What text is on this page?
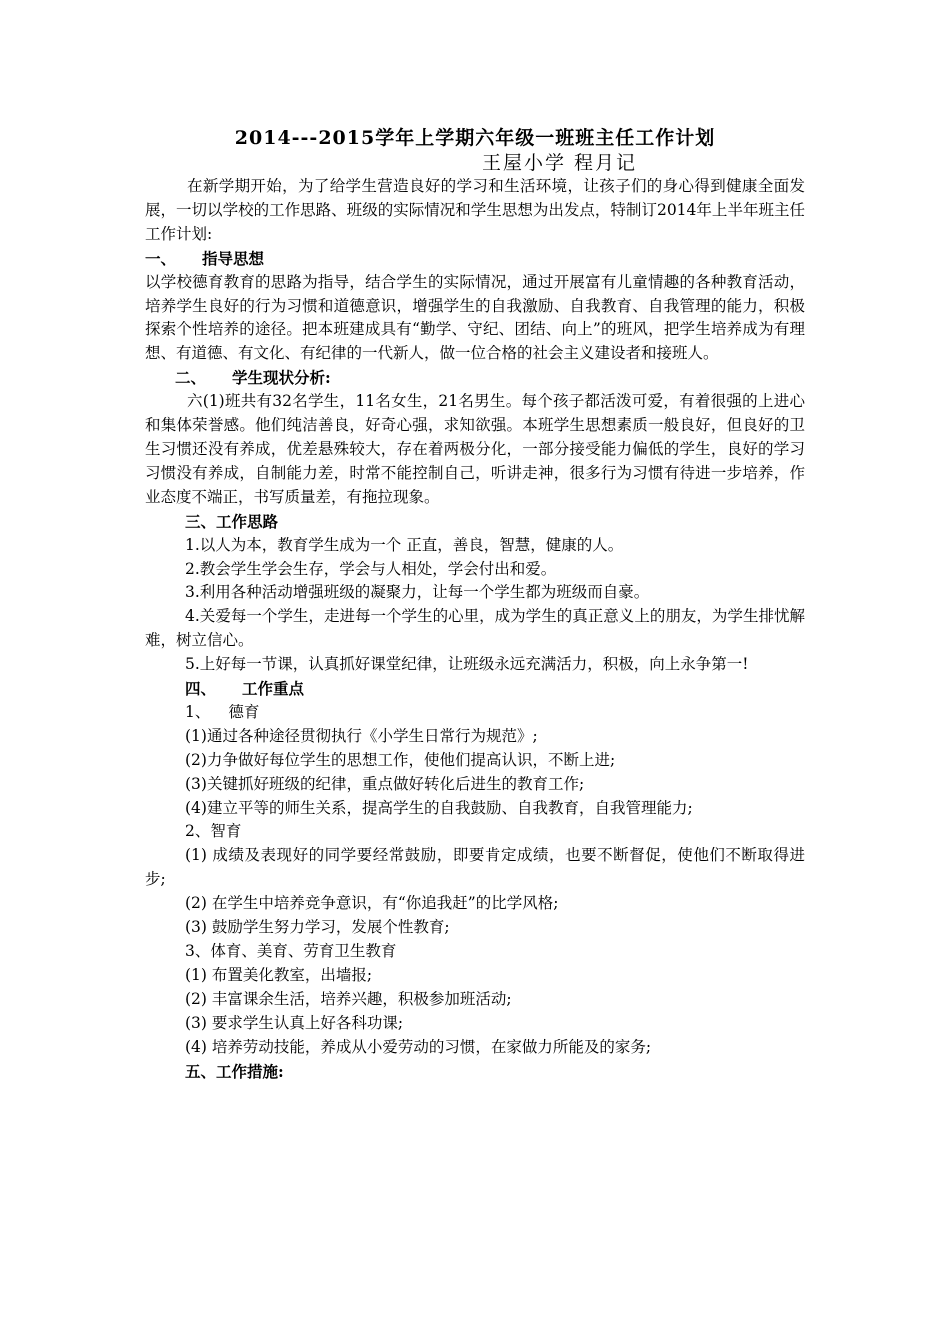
2014---2015学年上学期六年级一班班主任工作计划

王屋小学 程月记

在新学期开始，为了给学生营造良好的学习和生活环境，让孩子们的身心得到健康全面发展，一切以学校的工作思路、班级的实际情况和学生思想为出发点，特制订2014年上半年班主任工作计划:

一、 指导思想

以学校德育教育的思路为指导，结合学生的实际情况，通过开展富有儿童情趣的各种教育活动，培养学生良好的行为习惯和道德意识，增强学生的自我激励、自我教育、自我管理的能力，积极探索个性培养的途径。把本班建成具有“勤学、守纪、团结、向上”的班风，把学生培养成为有理想、有道德、有文化、有纪律的一代新人，做一位合格的社会主义建设者和接班人。

二、 学生现状分析:

六(1)班共有32名学生，11名女生，21名男生。每个孩子都活泼可爱，有着很强的上进心和集体荣誉感。他们纯洁善良，好奇心强，求知欲强。本班学生思想素质一般良好，但良好的卫生习惯还没有养成，优差悬殊较大，存在着两极分化，一部分接受能力偏低的学生，良好的学习习惯没有养成，自制能力差，时常不能控制自己，听讲走神，很多行为习惯有待进一步培养，作业态度不端正，书写质量差，有拖拉现象。

三、工作思路

1.以人为本，教育学生成为一个 正直，善良，智慧，健康的人。

2.教会学生学会生存，学会与人相处，学会付出和爱。

3.利用各种活动增强班级的凝聚力，让每一个学生都为班级而自豪。

4.关爱每一个学生，走进每一个学生的心里，成为学生的真正意义上的朋友，为学生排忧解难，树立信心。

5.上好每一节课，认真抓好课堂纪律，让班级永远充满活力，积极，向上永争第一!

四、 工作重点

1、 德育

(1)通过各种途径贯彻执行《小学生日常行为规范》;

(2)力争做好每位学生的思想工作，使他们提高认识，不断上进;

(3)关键抓好班级的纪律，重点做好转化后进生的教育工作;

(4)建立平等的师生关系，提高学生的自我鼓励、自我教育，自我管理能力;

2、智育

(1) 成绩及表现好的同学要经常鼓励，即要肯定成绩，也要不断督促，使他们不断取得进步;

(2) 在学生中培养竞争意识，有“你追我赶”的比学风格;

(3) 鼓励学生努力学习，发展个性教育;

3、体育、美育、劳育卫生教育

(1) 布置美化教室，出墙报;

(2) 丰富课余生活，培养兴趣，积极参加班活动;

(3) 要求学生认真上好各科功课;

(4) 培养劳动技能，养成从小爱劳动的习惯，在家做力所能及的家务;

五、工作措施:
